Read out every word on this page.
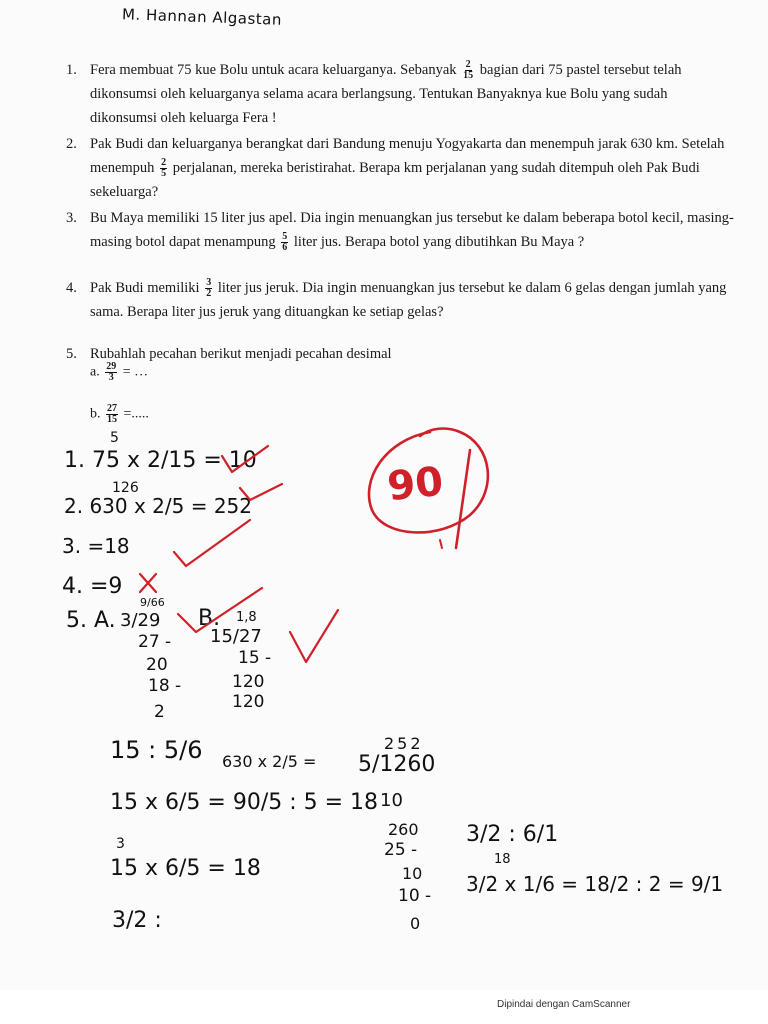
M. Hannan Algastan
1. Fera membuat 75 kue Bolu untuk acara keluarganya. Sebanyak $\frac{2}{15}$ bagian dari 75 pastel tersebut telah dikonsumsi oleh keluarganya selama acara berlangsung. Tentukan Banyaknya kue Bolu yang sudah dikonsumsi oleh keluarga Fera !
2. Pak Budi dan keluarganya berangkat dari Bandung menuju Yogyakarta dan menempuh jarak 630 km. Setelah menempuh $\frac{2}{5}$ perjalanan, mereka beristirahat. Berapa km perjalanan yang sudah ditempuh oleh Pak Budi sekeluarga?
3. Bu Maya memiliki 15 liter jus apel. Dia ingin menuangkan jus tersebut ke dalam beberapa botol kecil, masing-masing botol dapat menampung $\frac{5}{6}$ liter jus. Berapa botol yang dibutihkan Bu Maya ?
4. Pak Budi memiliki $\frac{3}{2}$ liter jus jeruk. Dia ingin menuangkan jus tersebut ke dalam 6 gelas dengan jumlah yang sama. Berapa liter jus jeruk yang dituangkan ke setiap gelas?
5. Rubahlah pecahan berikut menjadi pecahan desimal
a. $\frac{29}{3}$ = …
b. $\frac{27}{15}$ =.....
5
1. 75 x 2/15 = 10
126
2. 630 x 2/5 = 252
3. =18
4. =9
5. A.
9/66
3/29
27 -
20
18 -
2
B. 1,8
15/27
15 -
120
120
15 : 5/6 630 x 2/5 =
15 x 6/5 = 90/5 : 5 = 18
3
15 x 6/5 = 18
3/2 :
252
5/1260
10
260
25 -
10
10 -
0
3/2 : 6/1
18
3/2 x 1/6 = 18/2 : 2 = 9/1
90
Dipindai dengan CamScanner
